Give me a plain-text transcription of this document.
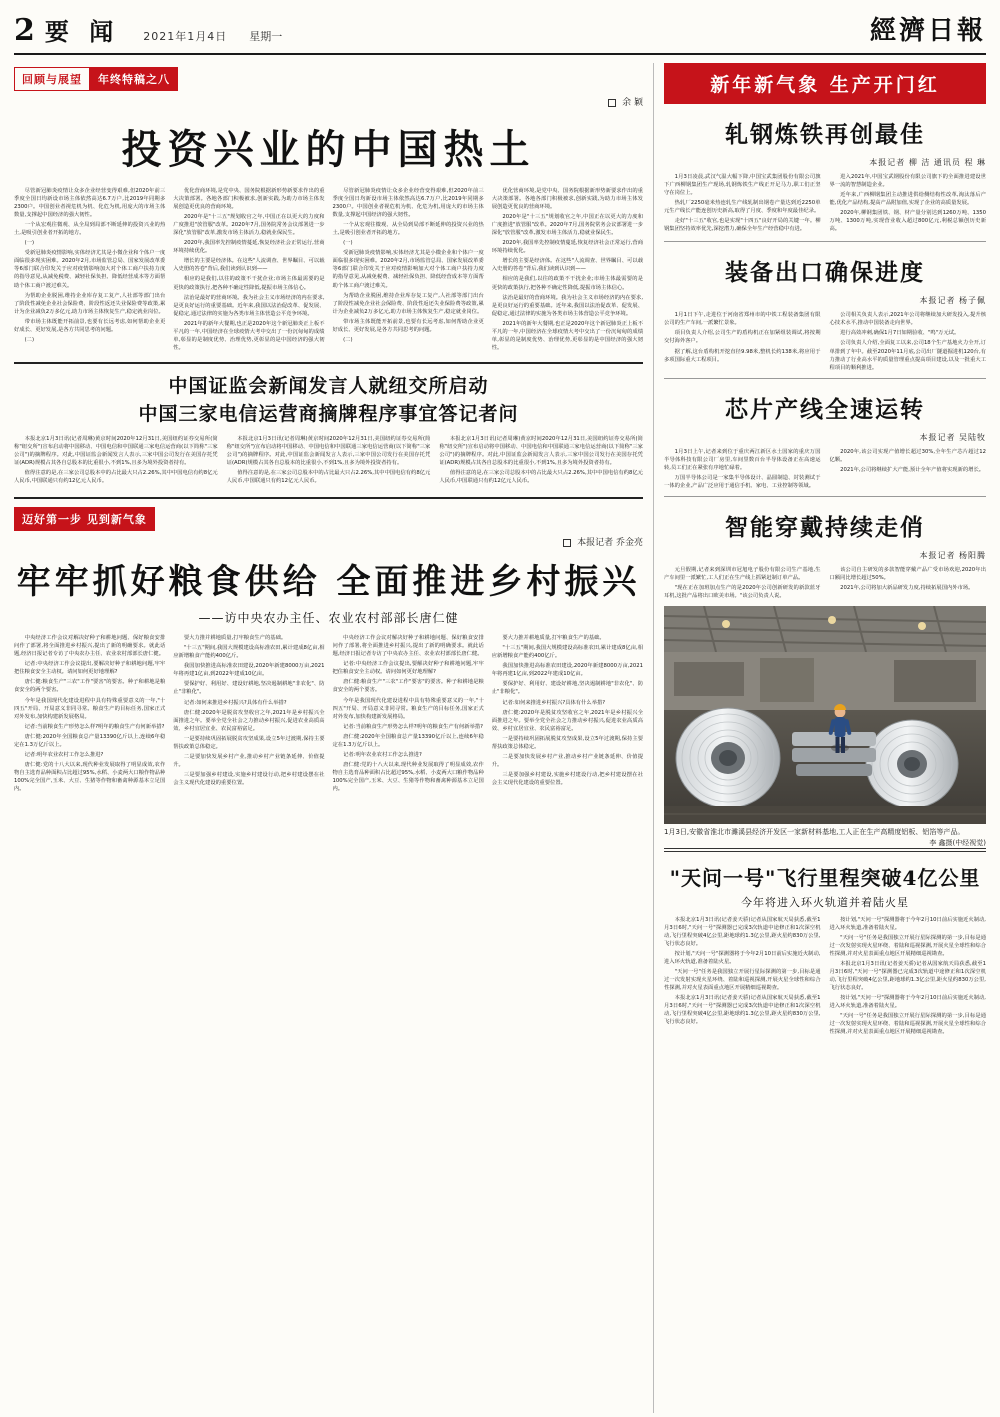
2 要 闻 2021年1月4日 星期一	經濟日報
回顾与展望	年终特稿之八
余 颖
投资兴业的中国热土

尽管新冠肺炎疫情让众多企业经营变得艰难,但2020年前三季度全国日均新设市场主体依然高达6.7万户,比2019年同期多2300户。中国创业者视危机为机、化危为机,用庞大的市场主体数量,支撑起中国经济的强大韧性。

一个从宏观往微观、从全局到局部不断延伸的投资兴业的热土,是吸引创业者开拓的地方。

(一)

受新冠肺炎疫情影响,实体经济尤其是小微企业和个体户一度面临很多现实困难。2020年2月,市场监管总局、国家发展改革委等6部门联合印发关于应对疫情影响加大对个体工商户扶持力度的指导意见,从减免税费、减轻社保负担、降低经营成本等方面帮助个体工商户渡过难关。

为帮助企业脱困,维持企业库存复工复产,人社部等部门出台了阶段性减免企业社会保险费、阶段性返还失业保险费等政策,累计为企业减负2万多亿元,助力市场主体恢复生产,稳定就业岗位。

带市场主体既能开拓前景,也要有长远考虑,如何帮助企业更好成长、更好发展,是各方共同思考的问题。

(二)

优化营商环境,是党中央、国务院根据新形势新要求作出的重大决策部署。各地各部门积极被求,创新实践,为助力市场主体发展创造更优良的营商环境。

2020年是"十三五"规划收官之年,中国正在以更大的力度和广度推进"放管服"改革。2020年7月,国务院常务会议部署进一步深化"放管服"改革,激发市场主体活力,稳就业保民生。

2020年,我国率先控制疫情蔓延,恢复经济社会正常运行,营商环境持续优化。

增长的主要是经济体。在这些"人流调查、世界瞩目、可以载入史册的答卷"背后,我们读到认识到——

相应的是我们,以往的政策不干扰企业;市场主体最需要的是更快的政策执行,把各种不确定性降低,提振市场主体信心。

法治是最好的营商环境。我为社会主义市场经济的内在要求,是更良好运行的重要基础。近年来,我国以法治促改革、促发展、促稳定,通过法律的实施为各类市场主体营造公平竞争环境。

2021年的新年大餐期,也正是2020年这个新冠肺炎正上板不平凡的一年,中国经济在全球疫情大考中交出了一份沉甸甸的成绩单,彰显的是制度优势、治理优势,更彰显的是中国经济的强大韧性。

尽管新冠肺炎疫情让众多企业经营变得艰难,但2020年前三季度全国日均新设市场主体依然高达6.7万户,比2019年同期多2300户。中国创业者视危机为机、化危为机,用庞大的市场主体数量,支撑起中国经济的强大韧性。

一个从宏观往微观、从全局到局部不断延伸的投资兴业的热土,是吸引创业者开拓的地方。

(一)

受新冠肺炎疫情影响,实体经济尤其是小微企业和个体户一度面临很多现实困难。2020年2月,市场监管总局、国家发展改革委等6部门联合印发关于应对疫情影响加大对个体工商户扶持力度的指导意见,从减免税费、减轻社保负担、降低经营成本等方面帮助个体工商户渡过难关。

为帮助企业脱困,维持企业库存复工复产,人社部等部门出台了阶段性减免企业社会保险费、阶段性返还失业保险费等政策,累计为企业减负2万多亿元,助力市场主体恢复生产,稳定就业岗位。

带市场主体既能开拓前景,也要有长远考虑,如何帮助企业更好成长、更好发展,是各方共同思考的问题。

(二)

优化营商环境,是党中央、国务院根据新形势新要求作出的重大决策部署。各地各部门积极被求,创新实践,为助力市场主体发展创造更优良的营商环境。

2020年是"十三五"规划收官之年,中国正在以更大的力度和广度推进"放管服"改革。2020年7月,国务院常务会议部署进一步深化"放管服"改革,激发市场主体活力,稳就业保民生。

2020年,我国率先控制疫情蔓延,恢复经济社会正常运行,营商环境持续优化。

增长的主要是经济体。在这些"人流调查、世界瞩目、可以载入史册的答卷"背后,我们读到认识到——

相应的是我们,以往的政策不干扰企业;市场主体最需要的是更快的政策执行,把各种不确定性降低,提振市场主体信心。

法治是最好的营商环境。我为社会主义市场经济的内在要求,是更良好运行的重要基础。近年来,我国以法治促改革、促发展、促稳定,通过法律的实施为各类市场主体营造公平竞争环境。

2021年的新年大餐期,也正是2020年这个新冠肺炎正上板不平凡的一年,中国经济在全球疫情大考中交出了一份沉甸甸的成绩单,彰显的是制度优势、治理优势,更彰显的是中国经济的强大韧性。

中国证监会新闻发言人就纽交所启动
中国三家电信运营商摘牌程序事宜答记者问

本报北京1月3日讯(记者周琳)黄京时间2020年12月31日,美国纽约证券交易所(简称"纽交所")宣布启动将中国移动、中国电信和中国联通三家电信运营商(以下简称"三家公司")的摘牌程序。对此,中国证监会新闻发言人表示,三家中国公司发行在美国存托凭证(ADR)规模占其各自总股本的比重很小,不到1%,且多为境外投资者持有。

值得注意的是,在三家公司总股本中的占比最大只占2.26%,其中中国电信有约8亿元人民币,中国联通只有约12亿元人民币。

本报北京1月3日讯(记者周琳)黄京时间2020年12月31日,美国纽约证券交易所(简称"纽交所")宣布启动将中国移动、中国电信和中国联通三家电信运营商(以下简称"三家公司")的摘牌程序。对此,中国证监会新闻发言人表示,三家中国公司发行在美国存托凭证(ADR)规模占其各自总股本的比重很小,不到1%,且多为境外投资者持有。

值得注意的是,在三家公司总股本中的占比最大只占2.26%,其中中国电信有约8亿元人民币,中国联通只有约12亿元人民币。

本报北京1月3日讯(记者周琳)黄京时间2020年12月31日,美国纽约证券交易所(简称"纽交所")宣布启动将中国移动、中国电信和中国联通三家电信运营商(以下简称"三家公司")的摘牌程序。对此,中国证监会新闻发言人表示,三家中国公司发行在美国存托凭证(ADR)规模占其各自总股本的比重很小,不到1%,且多为境外投资者持有。

值得注意的是,在三家公司总股本中的占比最大只占2.26%,其中中国电信有约8亿元人民币,中国联通只有约12亿元人民币。

迈好第一步 见到新气象
本报记者 乔金亮
牢牢抓好粮食供给 全面推进乡村振兴
——访中央农办主任、农业农村部部长唐仁健

中央经济工作会议对解决好种子和耕地问题、保好粮食安排问作了部署,将全面推进乡村振兴,提出了新的明确要求。就此话题,经济日报记者专访了中央农办主任、农业农村部部长唐仁健。

记者:中央经济工作会议提出,要解决好种子和耕地问题,牢牢把住粮食安全主动权。请问如何更好地理解?

唐仁健:粮食生产"三农"工作"要害"的要害。种子和耕地是粮食安全的两个要害。

今年是我国现代化建设进程中具有特殊重要意义的一年,"十四五"开局、开局意义非同寻常。粮食生产的目标任务,国家正式对外发布,加快构建新发展格局。

记者:当前粮食生产形势怎么样?明年的粮食生产有何新举措?

唐仁健:2020年全国粮食总产量13390亿斤以上,连续6年稳定在1.3万亿斤以上。

记者:明年农业农村工作怎么推进?

唐仁健:党的十八大以来,现代种业发展取得了明显成效,农作物自主选育品种面积占比超过95%,水稻、小麦两大口粮作物品种100%完全国产,玉米、大豆、生猪等作物和畜禽种源基本立足国内。

要大力推并耕地质量,打牢粮食生产的基础。

"十三五"期间,我国大规模建设高标准农田,累计建成8亿亩,相应新增粮食产能约400亿斤。

我国加快推进高标准农田建设,2020年新建8000万亩,2021年将再建1亿亩,到2022年建成10亿亩。

要保护好、利用好、建设好耕地,坚决遏制耕地"非农化"、防止"非粮化"。

记者:如何来推进乡村振兴?具体有什么举措?

唐仁健:2020年是脱贫攻坚收官之年,2021年是乡村振兴全面推进之年。要举全党全社会之力推动乡村振兴,促进农业高质高效、乡村宜居宜业、农民富裕富足。

一是要持续巩固拓展脱贫攻坚成果,设立5年过渡期,保持主要帮扶政策总体稳定。

二是要加快发展乡村产业,推动乡村产业链条延伸、价值提升。

三是要加强乡村建设,实施乡村建设行动,把乡村建设摆在社会主义现代化建设的重要位置。

中央经济工作会议对解决好种子和耕地问题、保好粮食安排问作了部署,将全面推进乡村振兴,提出了新的明确要求。就此话题,经济日报记者专访了中央农办主任、农业农村部部长唐仁健。

记者:中央经济工作会议提出,要解决好种子和耕地问题,牢牢把住粮食安全主动权。请问如何更好地理解?

唐仁健:粮食生产"三农"工作"要害"的要害。种子和耕地是粮食安全的两个要害。

今年是我国现代化建设进程中具有特殊重要意义的一年,"十四五"开局、开局意义非同寻常。粮食生产的目标任务,国家正式对外发布,加快构建新发展格局。

记者:当前粮食生产形势怎么样?明年的粮食生产有何新举措?

唐仁健:2020年全国粮食总产量13390亿斤以上,连续6年稳定在1.3万亿斤以上。

记者:明年农业农村工作怎么推进?

唐仁健:党的十八大以来,现代种业发展取得了明显成效,农作物自主选育品种面积占比超过95%,水稻、小麦两大口粮作物品种100%完全国产,玉米、大豆、生猪等作物和畜禽种源基本立足国内。

要大力推并耕地质量,打牢粮食生产的基础。

"十三五"期间,我国大规模建设高标准农田,累计建成8亿亩,相应新增粮食产能约400亿斤。

我国加快推进高标准农田建设,2020年新建8000万亩,2021年将再建1亿亩,到2022年建成10亿亩。

要保护好、利用好、建设好耕地,坚决遏制耕地"非农化"、防止"非粮化"。

记者:如何来推进乡村振兴?具体有什么举措?

唐仁健:2020年是脱贫攻坚收官之年,2021年是乡村振兴全面推进之年。要举全党全社会之力推动乡村振兴,促进农业高质高效、乡村宜居宜业、农民富裕富足。

一是要持续巩固拓展脱贫攻坚成果,设立5年过渡期,保持主要帮扶政策总体稳定。

二是要加快发展乡村产业,推动乡村产业链条延伸、价值提升。

三是要加强乡村建设,实施乡村建设行动,把乡村建设摆在社会主义现代化建设的重要位置。

新年新气象 生产开门红
轧钢炼铁再创最佳
本报记者 柳 洁 通讯员 程 琳

1月3日凌晨,武汉气温大幅下降,中国宝武集团股份有限公司旗下广西柳钢集团生产现场,轧钢炼铁生产线正开足马力,职工们正坚守在岗位上。

热轧厂2250毫米热连轧生产线轧制出钢卷产量达到近2250单元生产线长产能连创历史新高,取得了月度、季度和年度最佳纪录。

走好"十三五"收官,也是实现"十四五"良好开局的关键一年。柳钢集团坚持效率优先,深挖潜力,确保全年生产经营稳中有进。

进入2021年,中国宝武钢股份有限公司旗下的全面推进建设世界一流的智慧制造企业。

近年来,广西柳钢集团主动推进供给侧结构性改革,淘汰落后产能,优化产品结构,提高产品附加值,实现了企业的高质量发展。

2020年,柳钢集团铁、钢、材产量分别达到1260万吨、1350万吨、1300万吨,实现营业收入超过800亿元,利税总额创历史新高。

装备出口确保进度
本报记者 杨子佩

1月1日下午,走进位于河南省郑州市的中铁工程装备集团有限公司的生产车间,一派繁忙景象。

项目负责人介绍,公司生产的盾构机正在加紧组装调试,将按期交付海外客户。

据了解,这台盾构机开挖直径9.98米,整机长约138米,将应用于多项国际重大工程项目。

公司相关负责人表示,2021年公司将继续加大研发投入,提升核心技术水平,推动中国装备走向世界。

进行高效冲刺,确保1月7日如期验收、"鸣"万元试。

公司负责人介绍,全面复工以来,公司18个生产基地火力全开,订单排到了年中。截至2020年11月底,公司出厂隧道掘进机120台,有力推动了行业高水平的质量管理重点提高项目建设,以及一批重大工程项目的顺利推进。

芯片产线全速运转
本报记者 吴陆牧

1月3日上午,记者来到位于重庆两江新区水土国家的重庆万国半导体科技有限公司厂房里,车间里数百台半导体设备正在高速运转,员工们正在紧张有序地忙碌着。

万国半导体公司是一家集半导体设计、晶圆制造、封装测试于一体的企业,产品广泛应用于通信手机、家电、工业控制等领域。

2020年,该公司实现产值增长超过30%,全年生产芯片超过12亿颗。

2021年,公司将继续扩大产能,预计全年产值将实现新的增长。

智能穿戴持续走俏
本报记者 杨阳腾

元旦假期,记者来到深圳市冠旭电子股份有限公司生产基地,生产车间里一派繁忙,工人们正在生产线上抓紧赶制订单产品。

"现在正在加班加点生产的是2020年公司创新研发的新款蓝牙耳机,这批产品将出口欧美市场。"该公司负责人说。

该公司自主研发的多款智能穿戴产品广受市场欢迎,2020年出口额同比增长超过50%。

2021年,公司将加大新品研发力度,持续拓展国内外市场。

1月3日,安徽省淮北市濉溪县经济开发区一家新材料基地,工人正在生产高精度铝板、铝箔等产品。
李 鑫摄(中经视觉)
"天问一号"飞行里程突破4亿公里
今年将进入环火轨道并着陆火星

本报北京1月3日讯(记者姜天骄)记者从国家航天局获悉,截至1月3日6时,"天问一号"探测器已完成3次轨道中途修正和1次深空机动,飞行里程突破4亿公里,距地球约1.3亿公里,距火星约830万公里,飞行状态良好。

按计划,"天问一号"探测器将于今年2月10日前后实施近火制动,进入环火轨道,准备着陆火星。

"天问一号"任务是我国独立开展行星际探测的第一步,目标是通过一次发射实现火星环绕、着陆和巡视探测,开展火星全球性和综合性探测,并对火星表面重点地区开展精细巡视勘查。

本报北京1月3日讯(记者姜天骄)记者从国家航天局获悉,截至1月3日6时,"天问一号"探测器已完成3次轨道中途修正和1次深空机动,飞行里程突破4亿公里,距地球约1.3亿公里,距火星约830万公里,飞行状态良好。

按计划,"天问一号"探测器将于今年2月10日前后实施近火制动,进入环火轨道,准备着陆火星。

"天问一号"任务是我国独立开展行星际探测的第一步,目标是通过一次发射实现火星环绕、着陆和巡视探测,开展火星全球性和综合性探测,并对火星表面重点地区开展精细巡视勘查。

本报北京1月3日讯(记者姜天骄)记者从国家航天局获悉,截至1月3日6时,"天问一号"探测器已完成3次轨道中途修正和1次深空机动,飞行里程突破4亿公里,距地球约1.3亿公里,距火星约830万公里,飞行状态良好。

按计划,"天问一号"探测器将于今年2月10日前后实施近火制动,进入环火轨道,准备着陆火星。

"天问一号"任务是我国独立开展行星际探测的第一步,目标是通过一次发射实现火星环绕、着陆和巡视探测,开展火星全球性和综合性探测,并对火星表面重点地区开展精细巡视勘查。
